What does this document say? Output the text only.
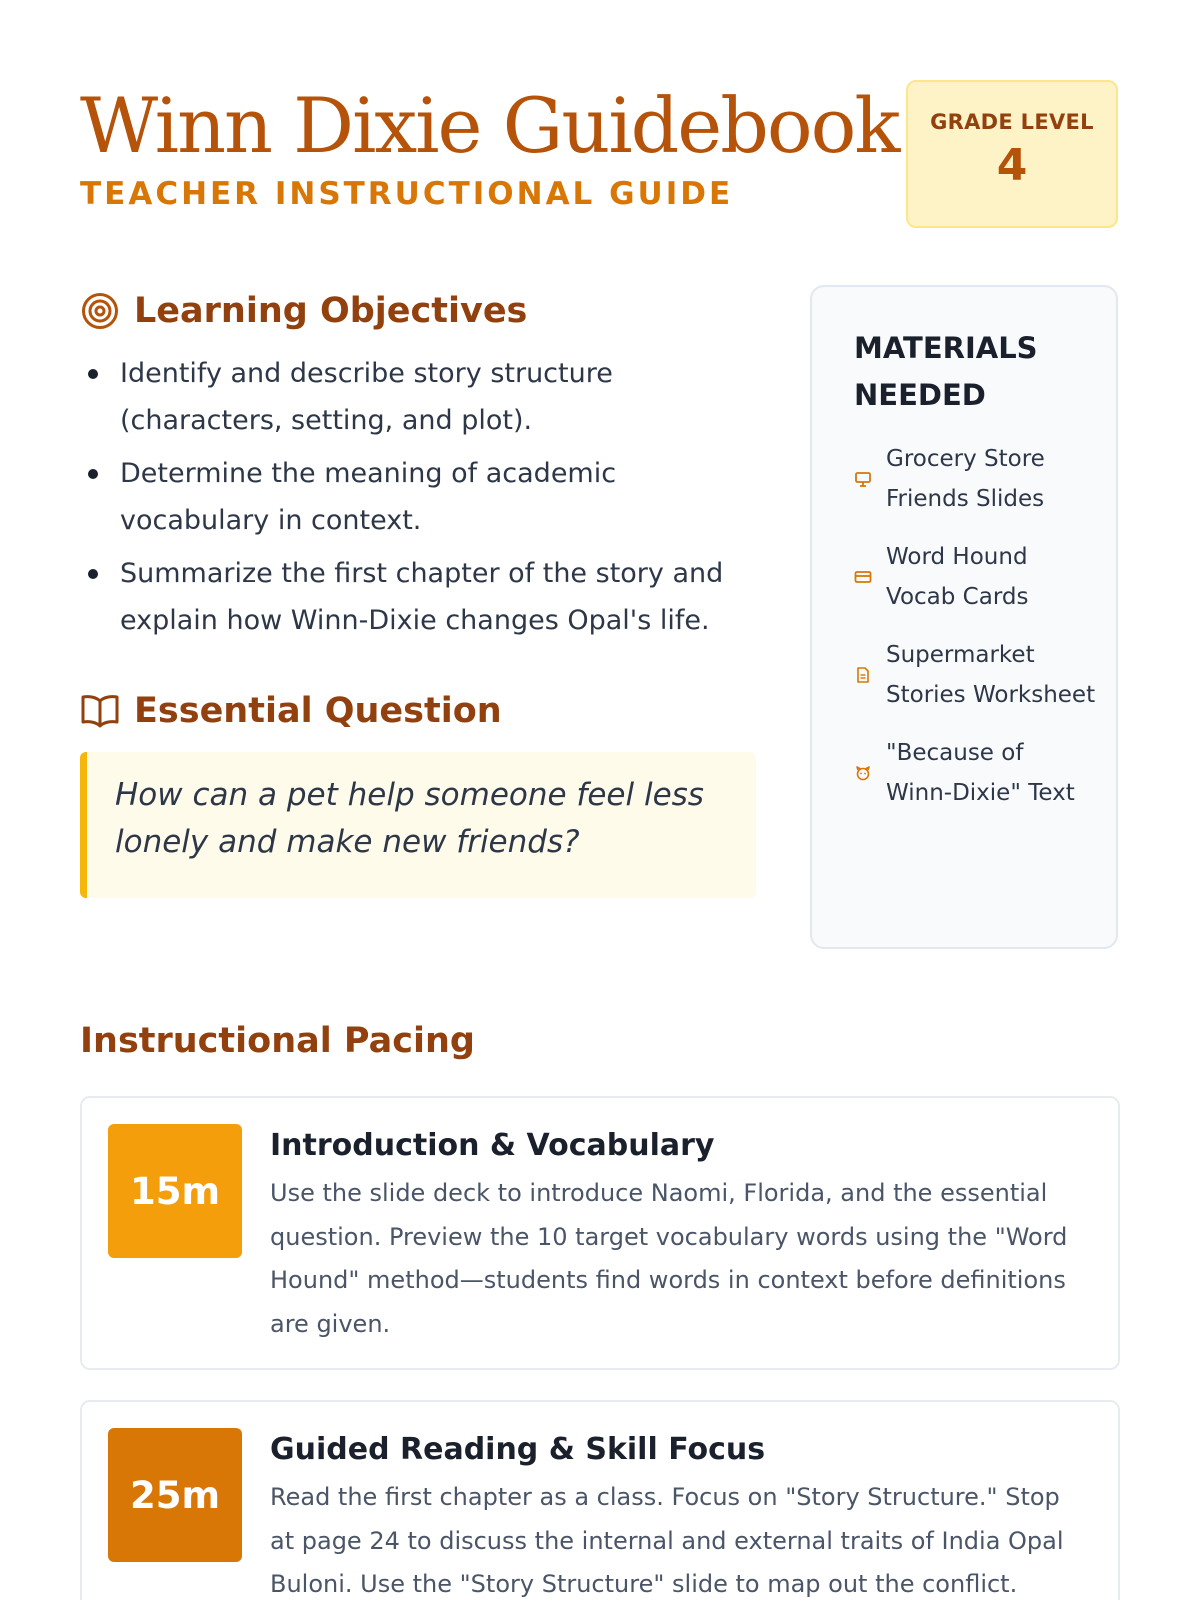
Winn Dixie Guidebook
TEACHER INSTRUCTIONAL GUIDE
GRADE LEVEL
4
Learning Objectives
Identify and describe story structure (characters, setting, and plot).
Determine the meaning of academic vocabulary in context.
Summarize the first chapter of the story and explain how Winn-Dixie changes Opal's life.
Essential Question

How can a pet help someone feel less lonely and make new friends?

MATERIALS NEEDED
Grocery Store Friends Slides
Word Hound Vocab Cards
Supermarket Stories Worksheet
"Because of Winn-Dixie" Text
Instructional Pacing
15m
Introduction & Vocabulary

Use the slide deck to introduce Naomi, Florida, and the essential question. Preview the 10 target vocabulary words using the "Word Hound" method—students find words in context before definitions are given.

25m
Guided Reading & Skill Focus

Read the first chapter as a class. Focus on "Story Structure." Stop at page 24 to discuss the internal and external traits of India Opal Buloni. Use the "Story Structure" slide to map out the conflict.
